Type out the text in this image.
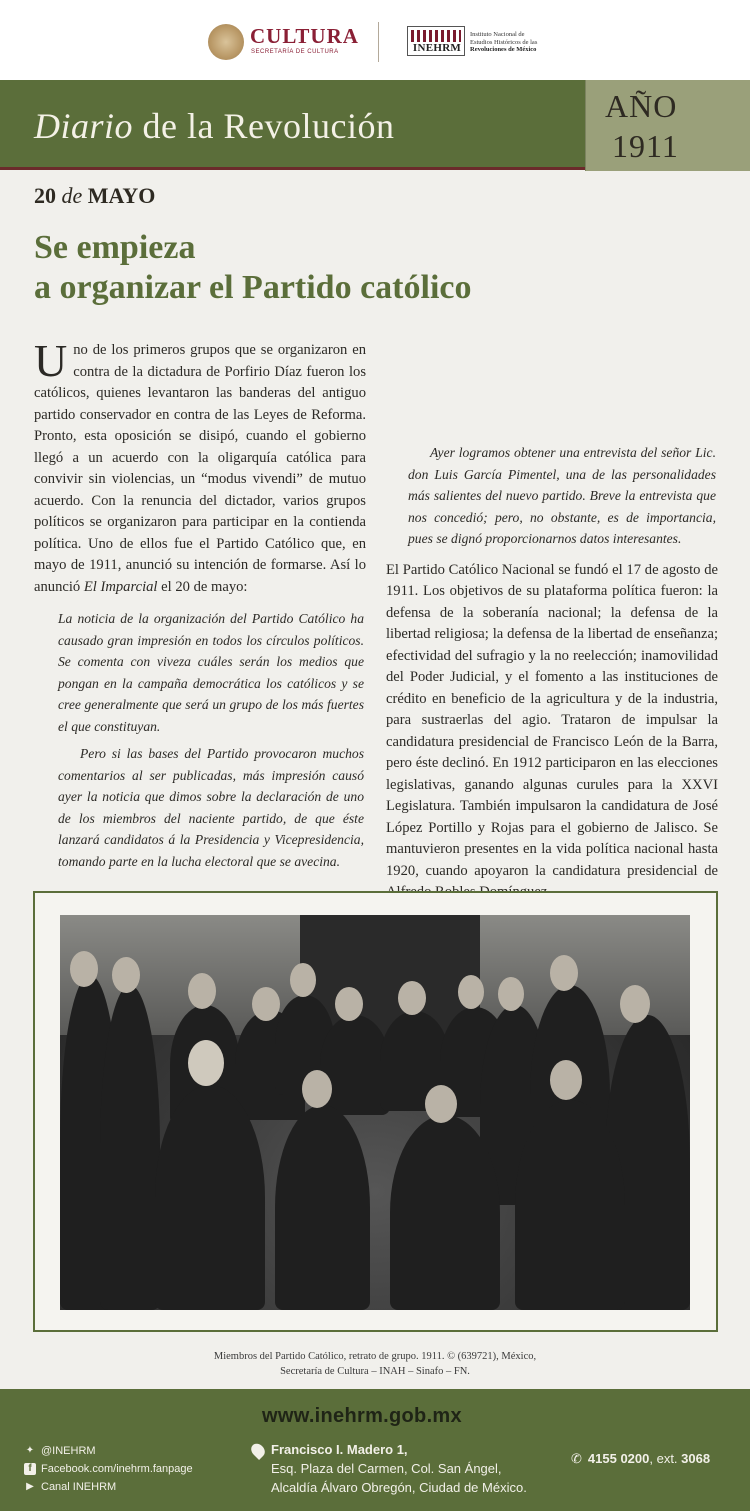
CULTURA
SECRETARÍA DE CULTURA	INEHRM
Instituto Nacional de
Estudios Históricos de las
Revoluciones de México
Diario de la Revolución	AÑO
1911
20 de MAYO
Se empieza
a organizar el Partido católico

Uno de los primeros grupos que se organizaron en contra de la dictadura de Porfirio Díaz fueron los católicos, quienes levantaron las banderas del antiguo partido conservador en contra de las Leyes de Reforma. Pronto, esta oposición se disipó, cuando el gobierno llegó a un acuerdo con la oligarquía católica para convivir sin violencias, un “modus vivendi” de mutuo acuerdo. Con la renuncia del dictador, varios grupos políticos se organizaron para participar en la contienda política. Uno de ellos fue el Partido Católico que, en mayo de 1911, anunció su intención de formarse. Así lo anunció El Imparcial el 20 de mayo:

La noticia de la organización del Partido Católico ha causado gran impresión en todos los círculos políticos. Se comenta con viveza cuáles serán los medios que pongan en la campaña democrática los católicos y se cree generalmente que será un grupo de los más fuertes el que constituyan.

Pero si las bases del Partido provocaron muchos comentarios al ser publicadas, más impresión causó ayer la noticia que dimos sobre la declaración de uno de los miembros del naciente partido, de que éste lanzará candidatos á la Presidencia y Vicepresidencia, tomando parte en la lucha electoral que se avecina.

Ayer logramos obtener una entrevista del señor Lic. don Luis García Pimentel, una de las personalidades más salientes del nuevo partido. Breve la entrevista que nos concedió; pero, no obstante, es de importancia, pues se dignó proporcionarnos datos interesantes.

El Partido Católico Nacional se fundó el 17 de agosto de 1911. Los objetivos de su plataforma política fueron: la defensa de la soberanía nacional; la defensa de la libertad religiosa; la defensa de la libertad de enseñanza; efectividad del sufragio y la no reelección; inamovilidad del Poder Judicial, y el fomento a las instituciones de crédito en beneficio de la agricultura y de la industria, para sustraerlas del agio. Trataron de impulsar la candidatura presidencial de Francisco León de la Barra, pero éste declinó. En 1912 participaron en las elecciones legislativas, ganando algunas curules para la XXVI Legislatura. También impulsaron la candidatura de José López Portillo y Rojas para el gobierno de Jalisco. Se mantuvieron presentes en la vida política nacional hasta 1920, cuando apoyaron la candidatura presidencial de

Miembros del Partido Católico, retrato de grupo. 1911. © (639721), México,
Secretaría de Cultura – INAH – Sinafo – FN.
www.inehrm.gob.mx
✦ @INEHRM
f Facebook.com/inehrm.fanpage
▶ Canal INEHRM
Francisco I. Madero 1,
Esq. Plaza del Carmen, Col. San Ángel,
Alcaldía Álvaro Obregón, Ciudad de México.
✆ 4155 0200, ext. 3068
